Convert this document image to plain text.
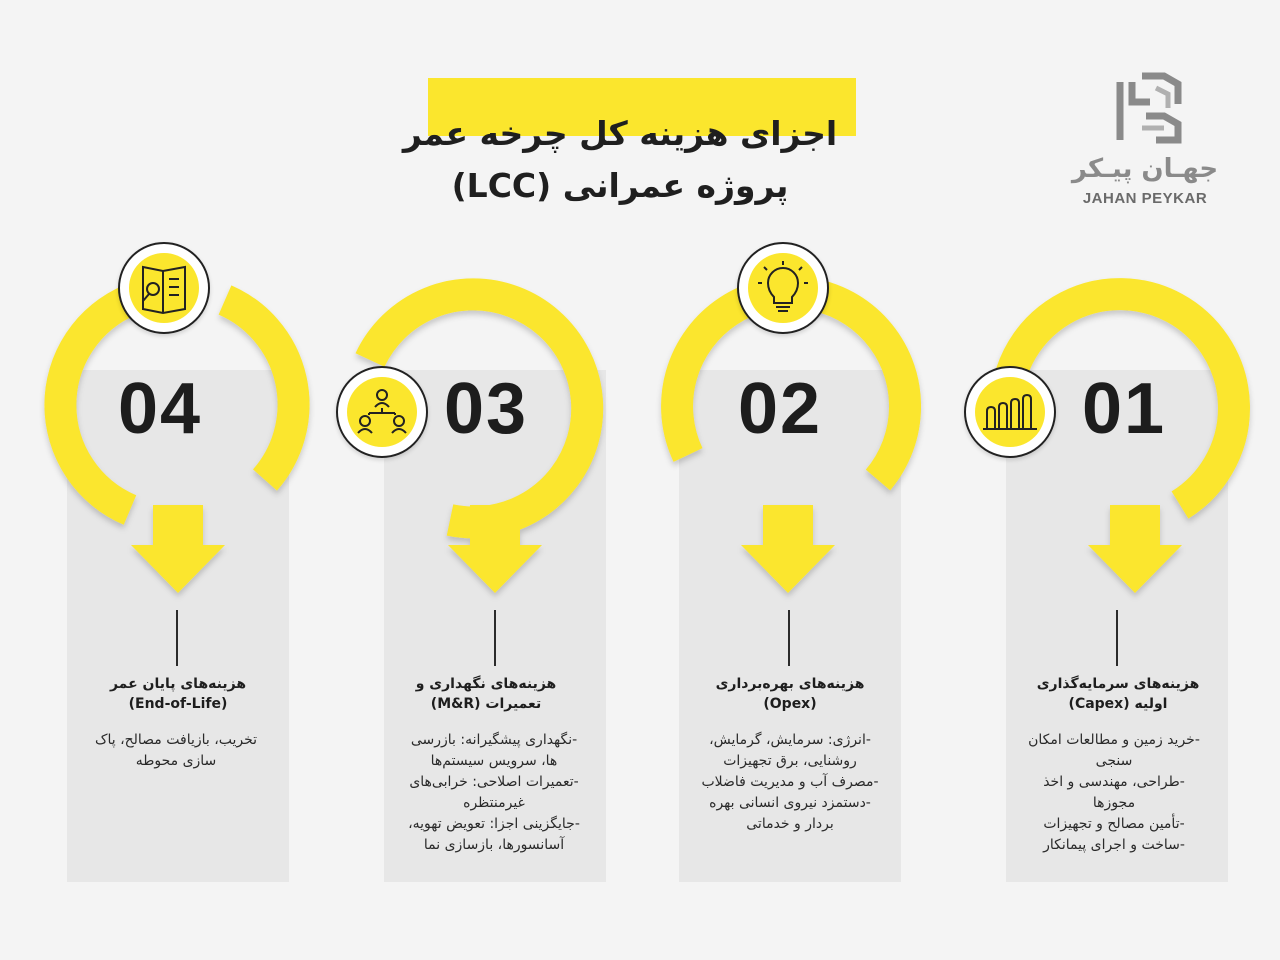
اجزای هزینه کل چرخه عمر
پروژه عمرانی (LCC)	جهـان پیـکر
JAHAN PEYKAR
01
02
03
04
هزینه‌های سرمایه‌گذاری
اولیه (Capex)
هزینه‌های بهره‌برداری
(Opex)
هزینه‌های نگهداری و
تعمیرات (M&R)
هزینه‌های پایان عمر
(End-of-Life)
-خرید زمین و مطالعات امکان
سنجی
-طراحی، مهندسی و اخذ
مجوزها
-تأمین مصالح و تجهیزات
-ساخت و اجرای پیمانکار
-انرژی: سرمایش، گرمایش،
روشنایی، برق تجهیزات
-مصرف آب و مدیریت فاضلاب
-دستمزد نیروی انسانی بهره
بردار و خدماتی
-نگهداری پیشگیرانه: بازرسی
ها، سرویس سیستم‌ها
-تعمیرات اصلاحی: خرابی‌های
غیرمنتظره
-جایگزینی اجزا: تعویض تهویه،
آسانسورها، بازسازی نما
تخریب، بازیافت مصالح، پاک
سازی محوطه
